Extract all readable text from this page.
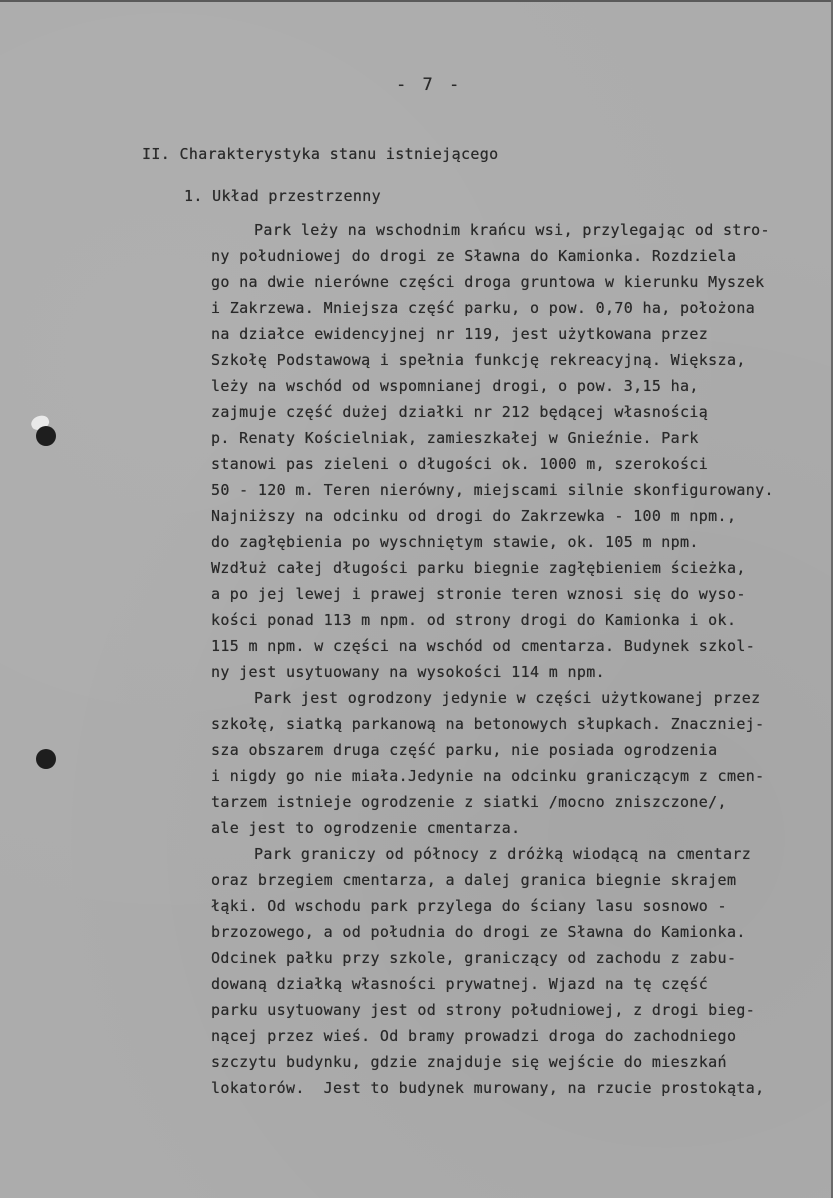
- 7 -
II. Charakterystyka stanu istniejącego
1. Układ przestrzenny
Park leży na wschodnim krańcu wsi, przylegając od stro-
ny południowej do drogi ze Sławna do Kamionka. Rozdziela
go na dwie nierówne części droga gruntowa w kierunku Myszek
i Zakrzewa. Mniejsza część parku, o pow. 0,70 ha, położona
na działce ewidencyjnej nr 119, jest użytkowana przez
Szkołę Podstawową i spełnia funkcję rekreacyjną. Większa,
leży na wschód od wspomnianej drogi, o pow. 3,15 ha,
zajmuje część dużej działki nr 212 będącej własnością
p. Renaty Kościelniak, zamieszkałej w Gnieźnie. Park
stanowi pas zieleni o długości ok. 1000 m, szerokości
50 - 120 m. Teren nierówny, miejscami silnie skonfigurowany.
Najniższy na odcinku od drogi do Zakrzewka - 100 m npm.,
do zagłębienia po wyschniętym stawie, ok. 105 m npm.
Wzdłuż całej długości parku biegnie zagłębieniem ścieżka,
a po jej lewej i prawej stronie teren wznosi się do wyso-
kości ponad 113 m npm. od strony drogi do Kamionka i ok.
115 m npm. w części na wschód od cmentarza. Budynek szkol-
ny jest usytuowany na wysokości 114 m npm.
Park jest ogrodzony jedynie w części użytkowanej przez
szkołę, siatką parkanową na betonowych słupkach. Znaczniej-
sza obszarem druga część parku, nie posiada ogrodzenia
i nigdy go nie miała.Jedynie na odcinku graniczącym z cmen-
tarzem istnieje ogrodzenie z siatki /mocno zniszczone/,
ale jest to ogrodzenie cmentarza.
Park graniczy od północy z dróżką wiodącą na cmentarz
oraz brzegiem cmentarza, a dalej granica biegnie skrajem
łąki. Od wschodu park przylega do ściany lasu sosnowo -
brzozowego, a od południa do drogi ze Sławna do Kamionka.
Odcinek pałku przy szkole, graniczący od zachodu z zabu-
dowaną działką własności prywatnej. Wjazd na tę część
parku usytuowany jest od strony południowej, z drogi bieg-
nącej przez wieś. Od bramy prowadzi droga do zachodniego
szczytu budynku, gdzie znajduje się wejście do mieszkań
lokatorów.  Jest to budynek murowany, na rzucie prostokąta,
